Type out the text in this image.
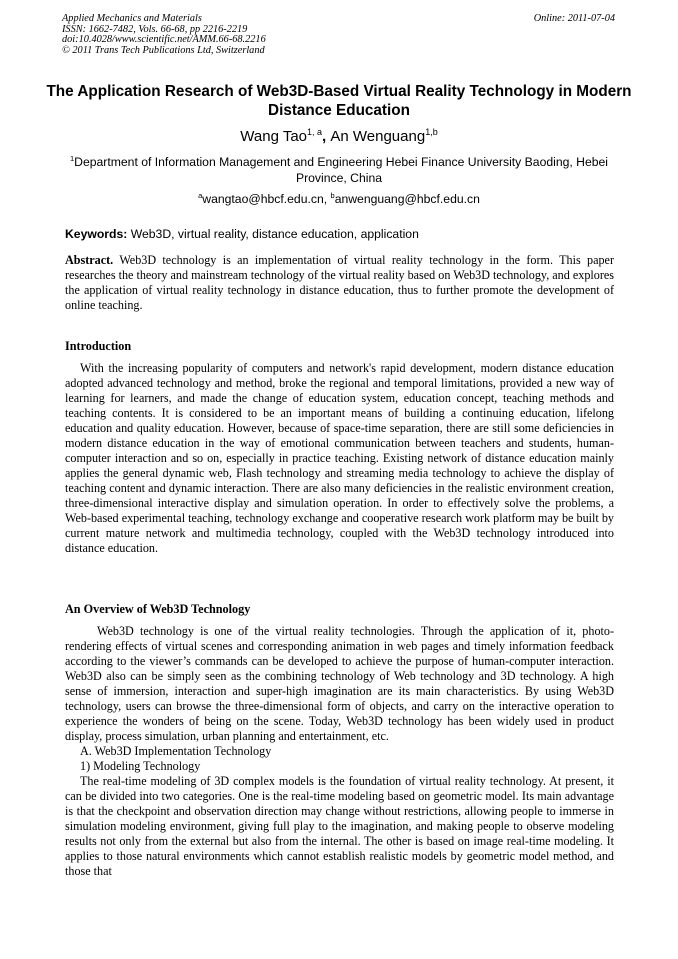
Applied Mechanics and Materials
ISSN: 1662-7482, Vols. 66-68, pp 2216-2219
doi:10.4028/www.scientific.net/AMM.66-68.2216
© 2011 Trans Tech Publications Ltd, Switzerland
Online: 2011-07-04
The Application Research of Web3D-Based Virtual Reality Technology in Modern Distance Education
Wang Tao$^{1, a}$, An Wenguang$^{1,b}$
$^1$Department of Information Management and Engineering Hebei Finance University Baoding, Hebei Province, China
$^a$wangtao@hbcf.edu.cn, $^b$anwenguang@hbcf.edu.cn
Keywords: Web3D, virtual reality, distance education, application

Abstract. Web3D technology is an implementation of virtual reality technology in the form. This paper researches the theory and mainstream technology of the virtual reality based on Web3D technology, and explores the application of virtual reality technology in distance education, thus to further promote the development of online teaching.

Introduction

With the increasing popularity of computers and network's rapid development, modern distance education adopted advanced technology and method, broke the regional and temporal limitations, provided a new way of learning for learners, and made the change of education system, education concept, teaching methods and teaching contents. It is considered to be an important means of building a continuing education, lifelong education and quality education. However, because of space-time separation, there are still some deficiencies in modern distance education in the way of emotional communication between teachers and students, human-computer interaction and so on, especially in practice teaching. Existing network of distance education mainly applies the general dynamic web, Flash technology and streaming media technology to achieve the display of teaching content and dynamic interaction. There are also many deficiencies in the realistic environment creation, three-dimensional interactive display and simulation operation. In order to effectively solve the problems, a Web-based experimental teaching, technology exchange and cooperative research work platform may be built by current mature network and multimedia technology, coupled with the Web3D technology introduced into distance education.

An Overview of Web3D Technology

Web3D technology is one of the virtual reality technologies. Through the application of it, photo-rendering effects of virtual scenes and corresponding animation in web pages and timely information feedback according to the viewer’s commands can be developed to achieve the purpose of human-computer interaction. Web3D also can be simply seen as the combining technology of Web technology and 3D technology. A high sense of immersion, interaction and super-high imagination are its main characteristics. By using Web3D technology, users can browse the three-dimensional form of objects, and carry on the interactive operation to experience the wonders of being on the scene. Today, Web3D technology has been widely used in product display, process simulation, urban planning and entertainment, etc.

A. Web3D Implementation Technology
1) Modeling Technology

The real-time modeling of 3D complex models is the foundation of virtual reality technology. At present, it can be divided into two categories. One is the real-time modeling based on geometric model. Its main advantage is that the checkpoint and observation direction may change without restrictions, allowing people to immerse in simulation modeling environment, giving full play to the imagination, and making people to observe modeling results not only from the external but also from the internal. The other is based on image real-time modeling. It applies to those natural environments which cannot establish realistic models by geometric model method, and those that
